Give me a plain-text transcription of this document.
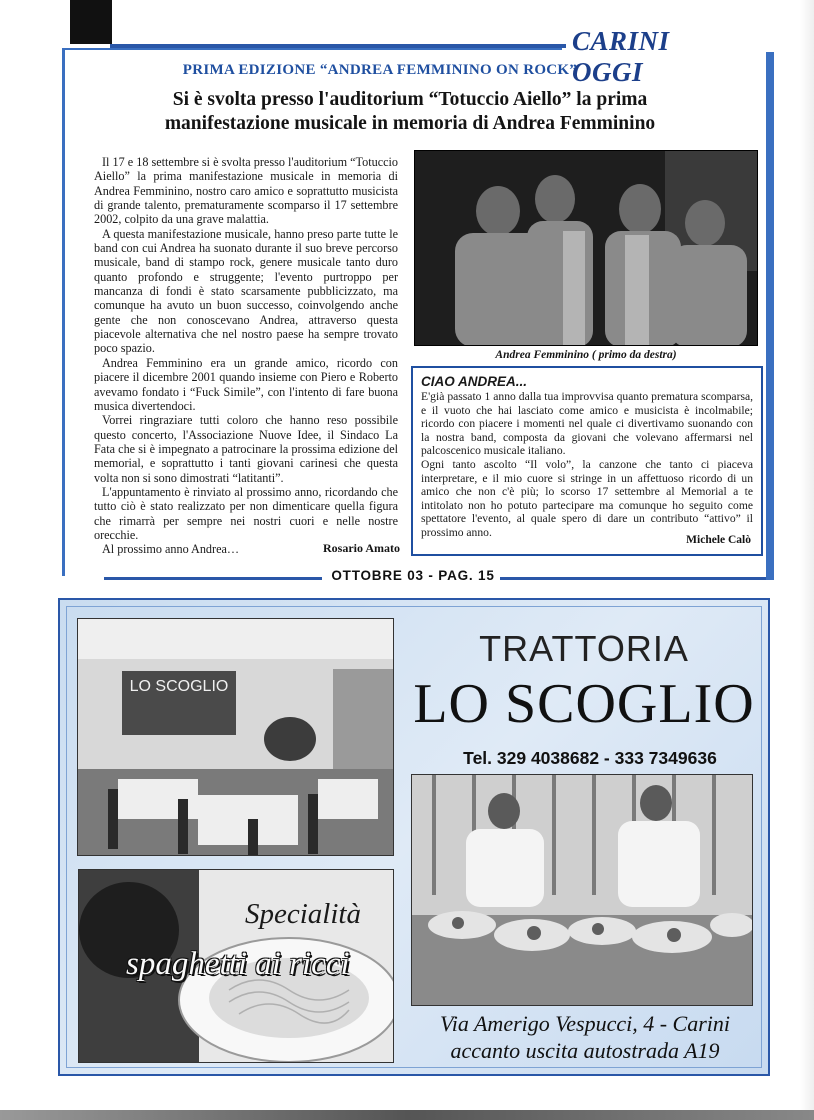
CARINI OGGI
PRIMA EDIZIONE “ANDREA FEMMININO ON ROCK”
Si è svolta presso l'auditorium “Totuccio Aiello” la prima
manifestazione musicale in memoria di Andrea Femminino

Il 17 e 18 settembre si è svolta presso l'auditorium “Totuccio Aiello” la prima manifestazione musicale in memoria di Andrea Femminino, nostro caro amico e soprattutto musicista di grande talento, prematuramente scomparso il 17 settembre 2002, colpito da una grave malattia.

A questa manifestazione musicale, hanno preso parte tutte le band con cui Andrea ha suonato durante il suo breve percorso musicale, band di stampo rock, genere musicale tanto duro quanto profondo e struggente; l'evento purtroppo per mancanza di fondi è stato scarsamente pubblicizzato, ma comunque ha avuto un buon successo, coinvolgendo anche gente che non conoscevano Andrea, attraverso questa piacevole alternativa che nel nostro paese ha sempre trovato poco spazio.

Andrea Femminino era un grande amico, ricordo con piacere il dicembre 2001 quando insieme con Piero e Roberto avevamo fondato i “Fuck Simile”, con l'intento di fare buona musica divertendoci.

Vorrei ringraziare tutti coloro che hanno reso possibile questo concerto, l'Associazione Nuove Idee, il Sindaco La Fata che si è impegnato a patrocinare la prossima edizione del memorial, e soprattutto i tanti giovani carinesi che questa volta non si sono dimostrati “latitanti”.

L'appuntamento è rinviato al prossimo anno, ricordando che tutto ciò è stato realizzato per non dimenticare quella figura che rimarrà per sempre nei nostri cuori e nelle nostre orecchie.

Al prossimo anno Andrea…	Rosario Amato
Andrea Femminino ( primo da destra)
CIAO ANDREA...
E'già passato 1 anno dalla tua improvvisa quanto prematura scomparsa, e il vuoto che hai lasciato come amico e musicista è incolmabile; ricordo con piacere i momenti nel quale ci divertivamo suonando con la nostra band, composta da giovani che volevano affermarsi nel palcoscenico musicale italiano.
Ogni tanto ascolto “Il volo”, la canzone che tanto ci piaceva interpretare, e il mio cuore si stringe in un affettuoso ricordo di un amico che non c'è più; lo scorso 17 settembre al Memorial a te intitolato non ho potuto partecipare ma comunque ho seguito come spettatore l'evento, al quale spero di dare un contributo “attivo” il prossimo anno.
Michele Calò
OTTOBRE 03 - PAG. 15
LO SCOGLIO
TRATTORIA
LO SCOGLIO
Tel. 329 4038682 - 333 7349636
Specialità
spaghetti ai ricci
Via Amerigo Vespucci, 4 - Carini
accanto uscita autostrada A19
